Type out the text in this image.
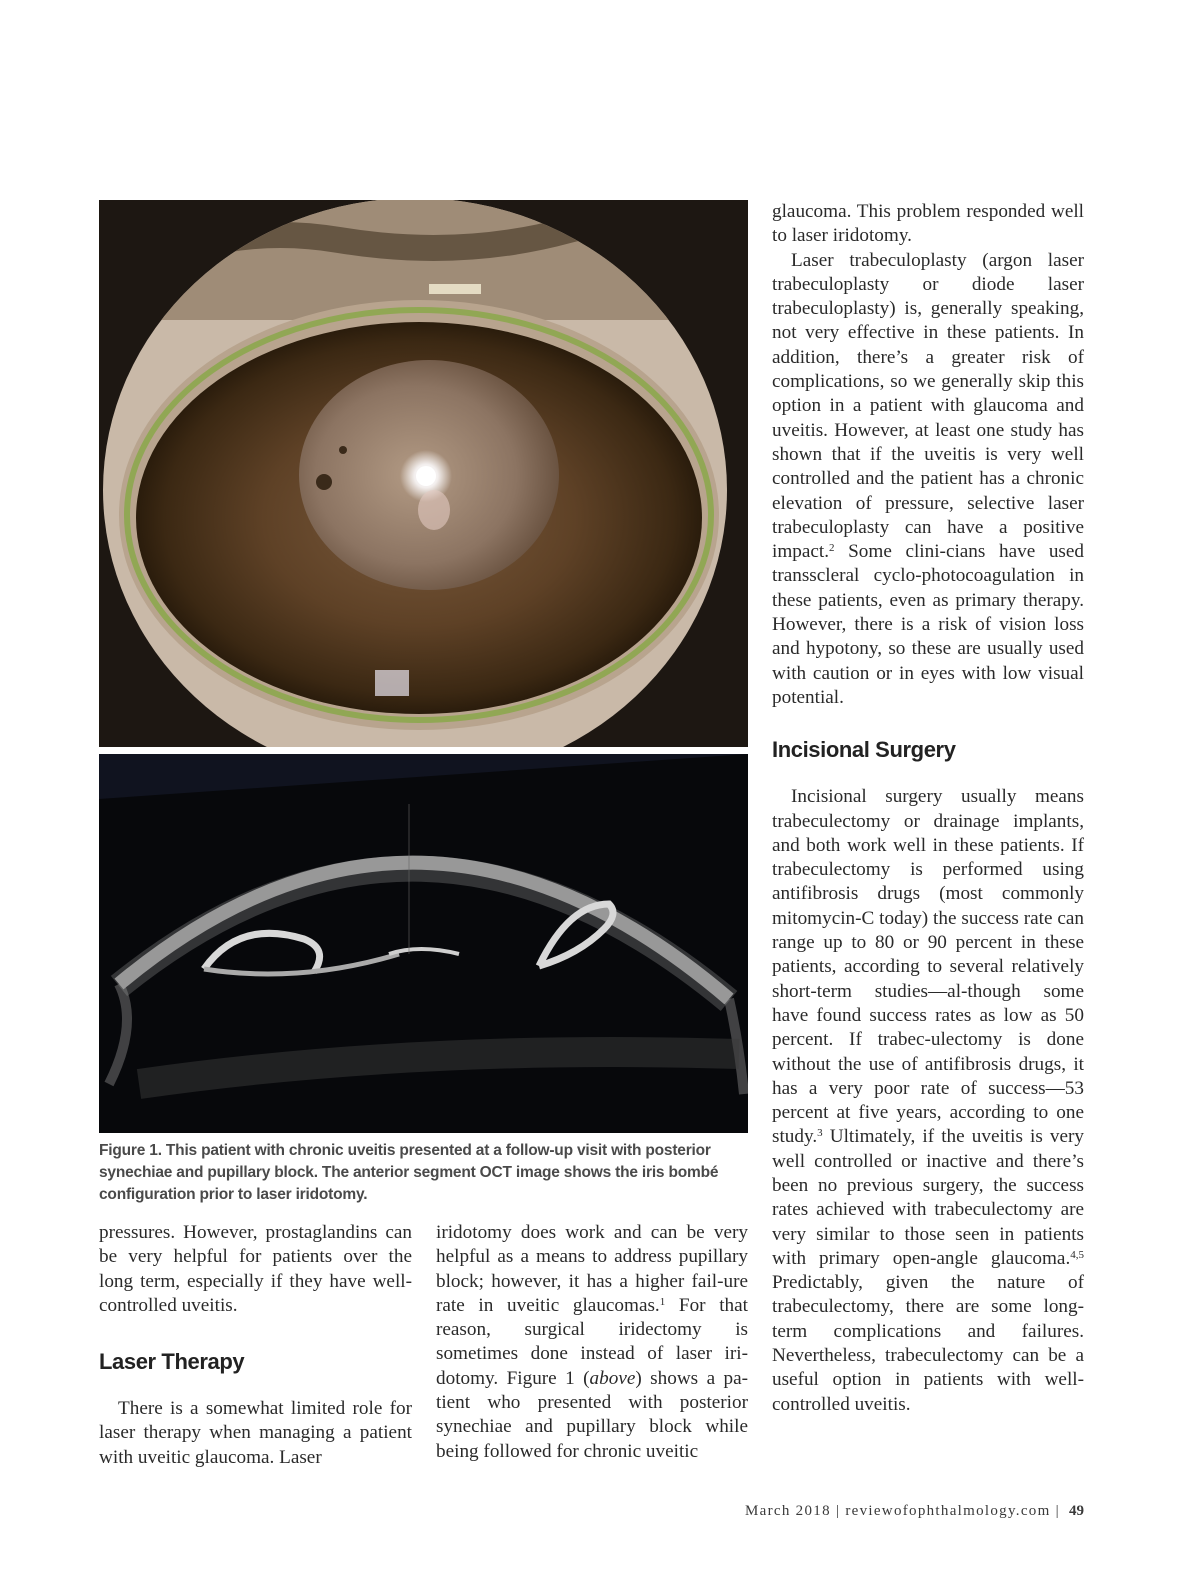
Figure 1. This patient with chronic uveitis presented at a follow-up visit with posterior synechiae and pupillary block. The anterior segment OCT image shows the iris bombé configuration prior to laser iridotomy.

pressures. However, prostaglandins can be very helpful for patients over the long term, especially if they have well-controlled uveitis.

Laser Therapy

There is a somewhat limited role for laser therapy when managing a patient with uveitic glaucoma. Laser

iridotomy does work and can be very helpful as a means to address pupillary block; however, it has a higher fail-ure rate in uveitic glaucomas.$^1$ For that reason, surgical iridectomy is sometimes done instead of laser iri-dotomy. Figure 1 (above) shows a pa-tient who presented with posterior synechiae and pupillary block while being followed for chronic uveitic

glaucoma. This problem responded well to laser iridotomy.

Laser trabeculoplasty (argon laser trabeculoplasty or diode laser trabeculoplasty) is, generally speaking, not very effective in these patients. In addition, there’s a greater risk of complications, so we generally skip this option in a patient with glaucoma and uveitis. However, at least one study has shown that if the uveitis is very well controlled and the patient has a chronic elevation of pressure, selective laser trabeculoplasty can have a positive impact.$^2$ Some clini-cians have used transscleral cyclo-photocoagulation in these patients, even as primary therapy. However, there is a risk of vision loss and hypotony, so these are usually used with caution or in eyes with low visual potential.

Incisional Surgery

Incisional surgery usually means trabeculectomy or drainage implants, and both work well in these patients. If trabeculectomy is performed using antifibrosis drugs (most commonly mitomycin-C today) the success rate can range up to 80 or 90 percent in these patients, according to several relatively short-term studies—al-though some have found success rates as low as 50 percent. If trabec-ulectomy is done without the use of antifibrosis drugs, it has a very poor rate of success—53 percent at five years, according to one study.$^3$ Ultimately, if the uveitis is very well controlled or inactive and there’s been no previous surgery, the success rates achieved with trabeculectomy are very similar to those seen in patients with primary open-angle glaucoma.$^{4,5}$ Predictably, given the nature of trabeculectomy, there are some long-term complications and failures. Nevertheless, trabeculectomy can be a useful option in patients with well-controlled uveitis.

March 2018 | reviewofophthalmology.com | 49
